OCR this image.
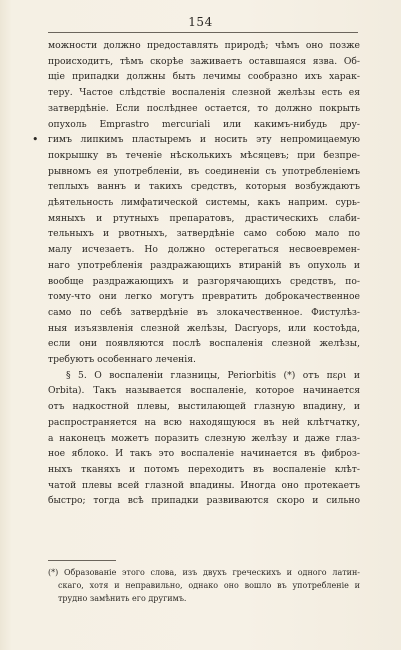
154
можности должно предоставлять природѣ; чѣмъ оно позже
происходитъ, тѣмъ скорѣе заживаетъ оставшаяся язва. Об-
щіе припадки должны быть лечимы сообразно ихъ харак-
теру. Частое слѣдствіе воспаленія слезной желѣзы есть ея
затвердѣніе. Если послѣднее остается, то должно покрыть
опухоль Emprastro mercuriali или какимъ-нибудь дру-
• гимъ липкимъ пластыремъ и носить эту непромицаемую
покрышку въ теченіе нѣсколькихъ мѣсяцевъ; при безпре-
рывномъ ея употребленіи, въ соединеніи съ употребленіемъ
теплыхъ ваннъ и такихъ средствъ, которыя возбуждаютъ
дѣятельность лимфатической системы, какъ наприм. сурь-
мяныхъ и ртутныхъ препаратовъ, драстическихъ слаби-
тельныхъ и рвотныхъ, затвердѣніе само собою мало по
малу исчезаетъ. Но должно остерегаться несвоевремен-
наго употребленія раздражающихъ втираній въ опухоль и
вообще раздражающихъ и разгорячающихъ средствъ, по-
тому-что они легко могутъ превратить доброкачественное
само по себѣ затвердѣніе въ злокачественное. Фистулѣз-
ныя изъязвленія слезной желѣзы, Dacryops, или костоѣда,
если они появляются послѣ воспаленія слезной желѣзы,
требуютъ особеннаго леченія.
§ 5. О воспаленіи глазницы, Periorbitis (*) отъ περι и
Orbita). Такъ называется воспаленіе, которое начинается
отъ надкостной плевы, выстилающей глазную впадину, и
распространяется на всю находящуюся въ ней клѣтчатку,
а наконецъ можетъ поразить слезную желѣзу и даже глаз-
ное яблоко. И такъ это воспаленіе начинается въ фиброз-
ныхъ тканяхъ и потомъ переходитъ въ воспаленіе клѣт-
чатой плевы всей глазной впадины. Иногда оно протекаетъ
быстро; тогда всѣ припадки развиваются скоро и сильно
(*) Образованіе этого слова, изъ двухъ греческихъ и одного латин-
скаго, хотя и неправильно, однако оно вошло въ употребленіе и
трудно замѣнить его другимъ.
